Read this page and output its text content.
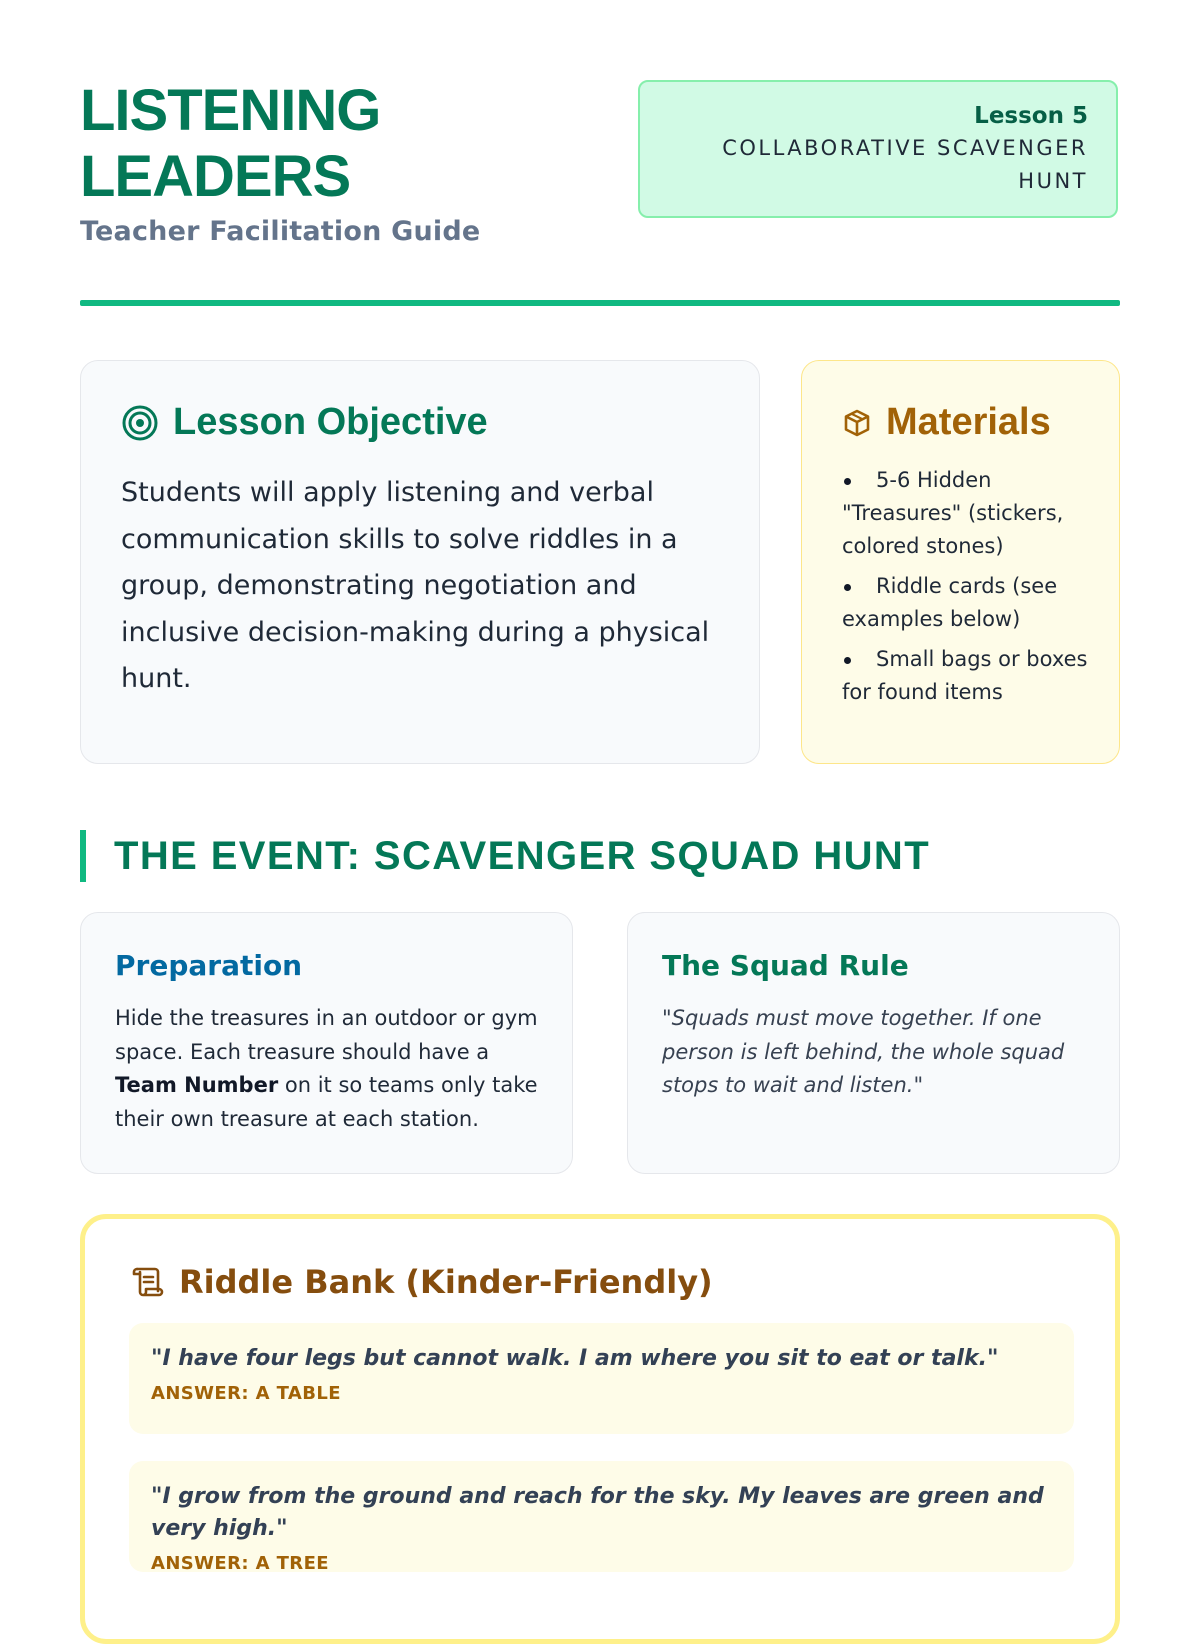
LISTENING
LEADERS

Teacher Facilitation Guide

Lesson 5
COLLABORATIVE SCAVENGER
HUNT
Lesson Objective

Students will apply listening and verbal communication skills to solve riddles in a group, demonstrating negotiation and inclusive decision-making during a physical hunt.

Materials
5-6 Hidden "Treasures" (stickers, colored stones)
Riddle cards (see examples below)
Small bags or boxes for found items
THE EVENT: SCAVENGER SQUAD HUNT
Preparation

Hide the treasures in an outdoor or gym space. Each treasure should have a Team Number on it so teams only take their own treasure at each station.

The Squad Rule

"Squads must move together. If one person is left behind, the whole squad stops to wait and listen."

Riddle Bank (Kinder-Friendly)
"I have four legs but cannot walk. I am where you sit to eat or talk."
ANSWER: A TABLE
"I grow from the ground and reach for the sky. My leaves are green and very high."
ANSWER: A TREE
